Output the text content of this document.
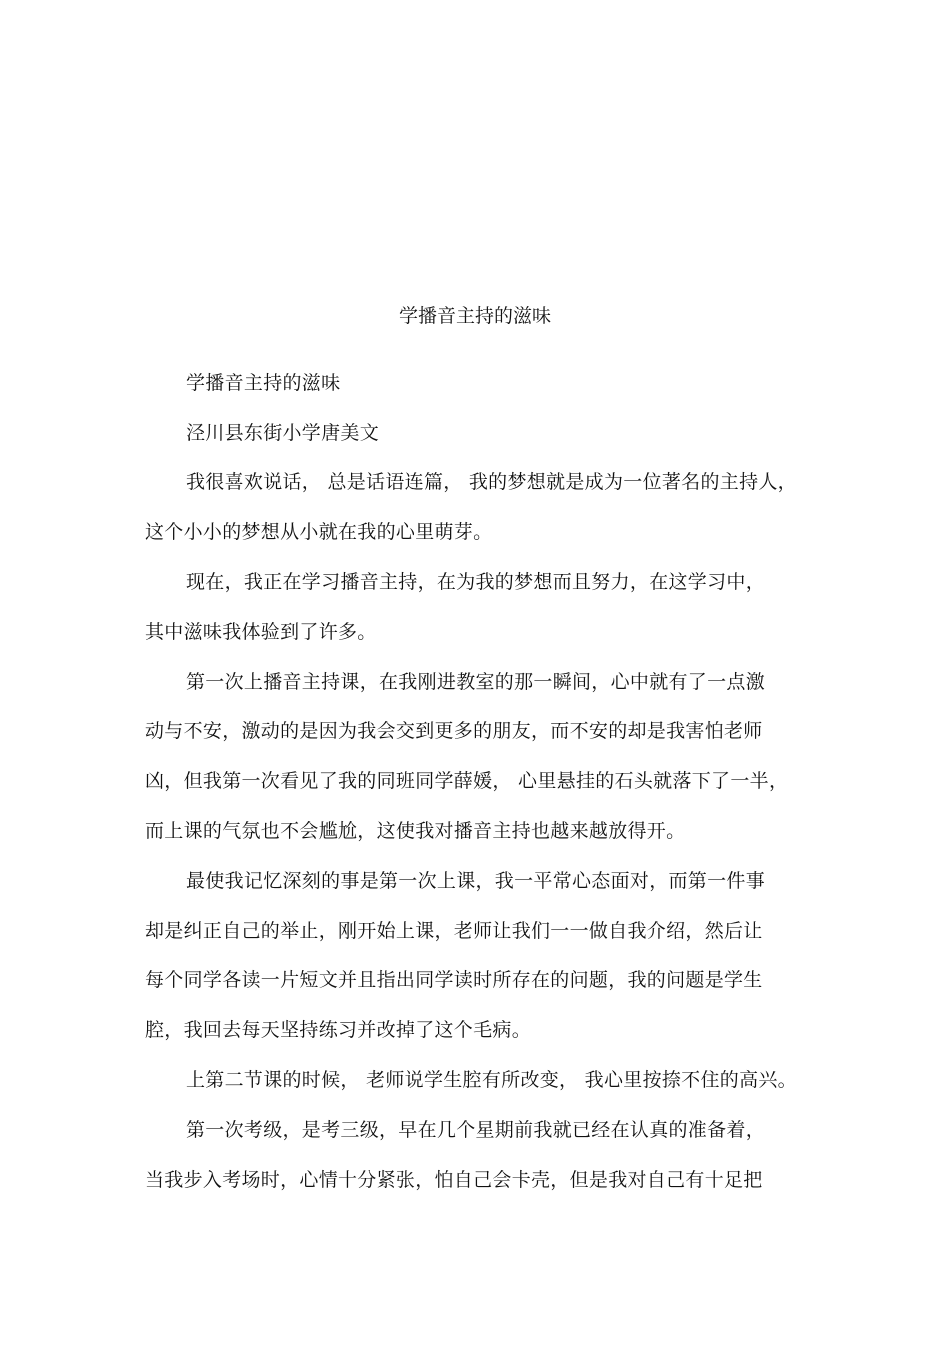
学播音主持的滋味
学播音主持的滋味
泾川县东街小学唐美文
我很喜欢说话， 总是话语连篇， 我的梦想就是成为一位著名的主持人，
这个小小的梦想从小就在我的心里萌芽。
现在，我正在学习播音主持，在为我的梦想而且努力，在这学习中，
其中滋味我体验到了许多。
第一次上播音主持课，在我刚进教室的那一瞬间，心中就有了一点激
动与不安，激动的是因为我会交到更多的朋友，而不安的却是我害怕老师
凶，但我第一次看见了我的同班同学薛媛， 心里悬挂的石头就落下了一半，
而上课的气氛也不会尴尬，这使我对播音主持也越来越放得开。
最使我记忆深刻的事是第一次上课，我一平常心态面对，而第一件事
却是纠正自己的举止，刚开始上课，老师让我们一一做自我介绍，然后让
每个同学各读一片短文并且指出同学读时所存在的问题，我的问题是学生
腔，我回去每天坚持练习并改掉了这个毛病。
上第二节课的时候， 老师说学生腔有所改变， 我心里按捺不住的高兴。
第一次考级，是考三级，早在几个星期前我就已经在认真的准备着，
当我步入考场时，心情十分紧张，怕自己会卡壳，但是我对自己有十足把
